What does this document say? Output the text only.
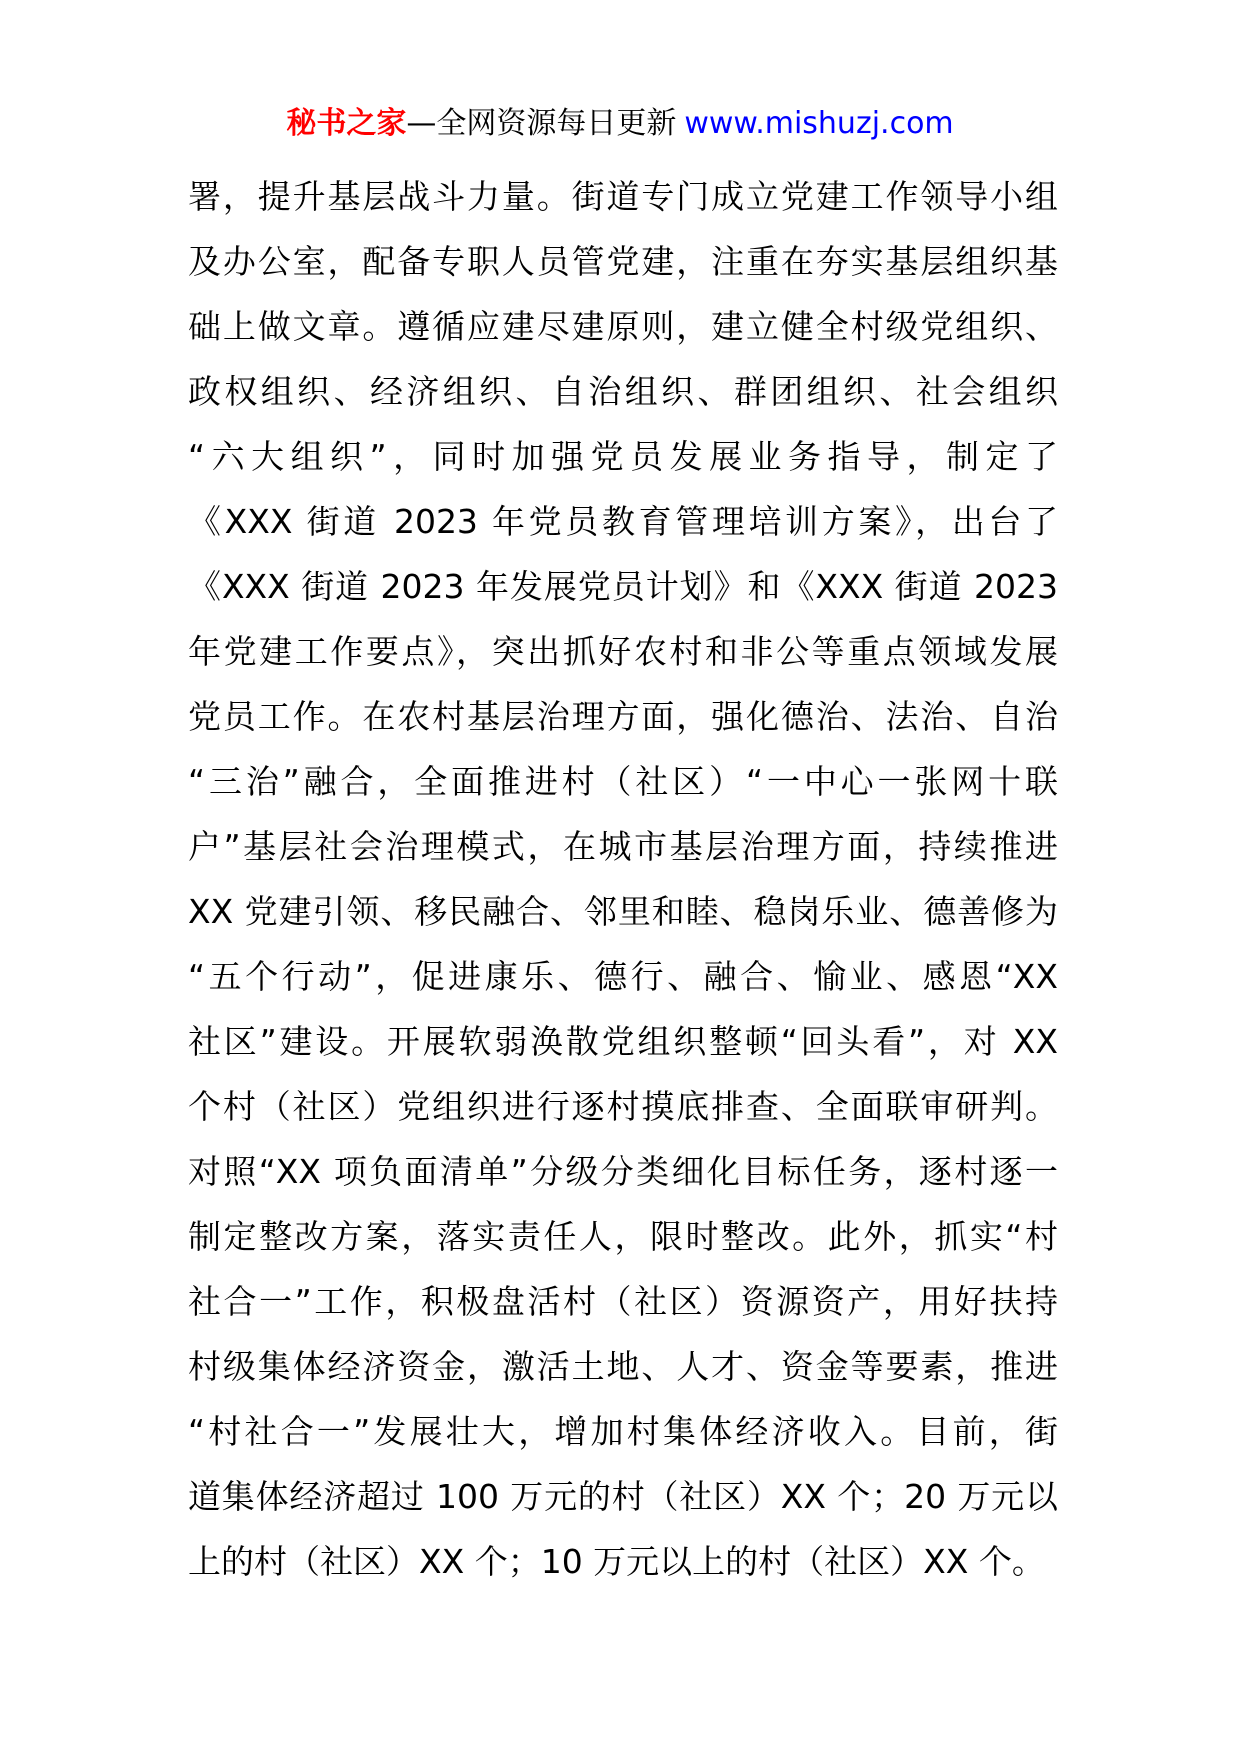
秘书之家—全网资源每日更新 www.mishuzj.com
署，提升基层战斗力量。街道专门成立党建工作领导小组
及办公室，配备专职人员管党建，注重在夯实基层组织基
础上做文章。遵循应建尽建原则，建立健全村级党组织、
政权组织、经济组织、自治组织、群团组织、社会组织
“六大组织”，同时加强党员发展业务指导，制定了
《XXX 街道 2023 年党员教育管理培训方案》，出台了
《XXX 街道 2023 年发展党员计划》和《XXX 街道 2023
年党建工作要点》，突出抓好农村和非公等重点领域发展
党员工作。在农村基层治理方面，强化德治、法治、自治
“三治”融合，全面推进村（社区）“一中心一张网十联
户”基层社会治理模式，在城市基层治理方面，持续推进
XX 党建引领、移民融合、邻里和睦、稳岗乐业、德善修为
“五个行动”，促进康乐、德行、融合、愉业、感恩“XX
社区”建设。开展软弱涣散党组织整顿“回头看”，对 XX
个村（社区）党组织进行逐村摸底排查、全面联审研判。
对照“XX 项负面清单”分级分类细化目标任务，逐村逐一
制定整改方案，落实责任人，限时整改。此外，抓实“村
社合一”工作，积极盘活村（社区）资源资产，用好扶持
村级集体经济资金，激活土地、人才、资金等要素，推进
“村社合一”发展壮大，增加村集体经济收入。目前，街
道集体经济超过 100 万元的村（社区）XX 个；20 万元以
上的村（社区）XX 个；10 万元以上的村（社区）XX 个。
